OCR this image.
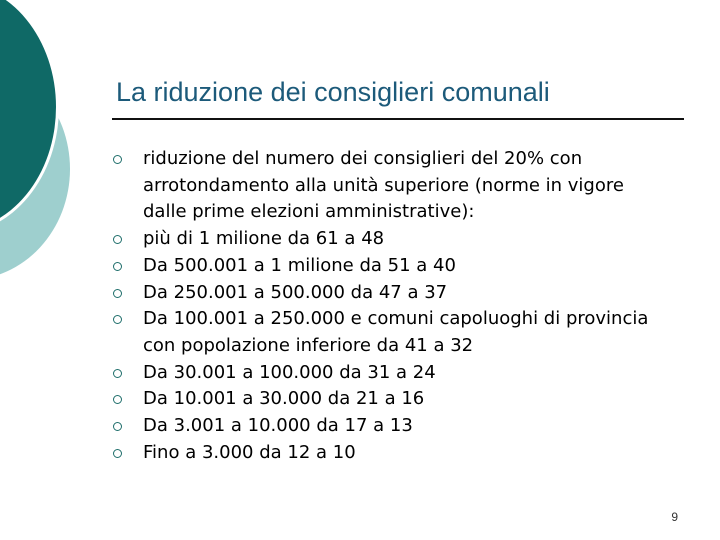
La riduzione dei consiglieri comunali
riduzione del numero dei consiglieri del 20% con arrotondamento alla unità superiore (norme in vigore dalle prime elezioni amministrative):
più di 1 milione da 61 a 48
Da 500.001 a 1 milione da 51 a 40
Da 250.001 a 500.000 da 47 a 37
Da 100.001 a 250.000 e comuni capoluoghi di provincia con popolazione inferiore da 41 a 32
Da 30.001 a 100.000 da 31 a 24
Da 10.001 a 30.000 da 21 a 16
Da 3.001 a 10.000 da 17 a 13
Fino a 3.000 da 12 a 10
9
